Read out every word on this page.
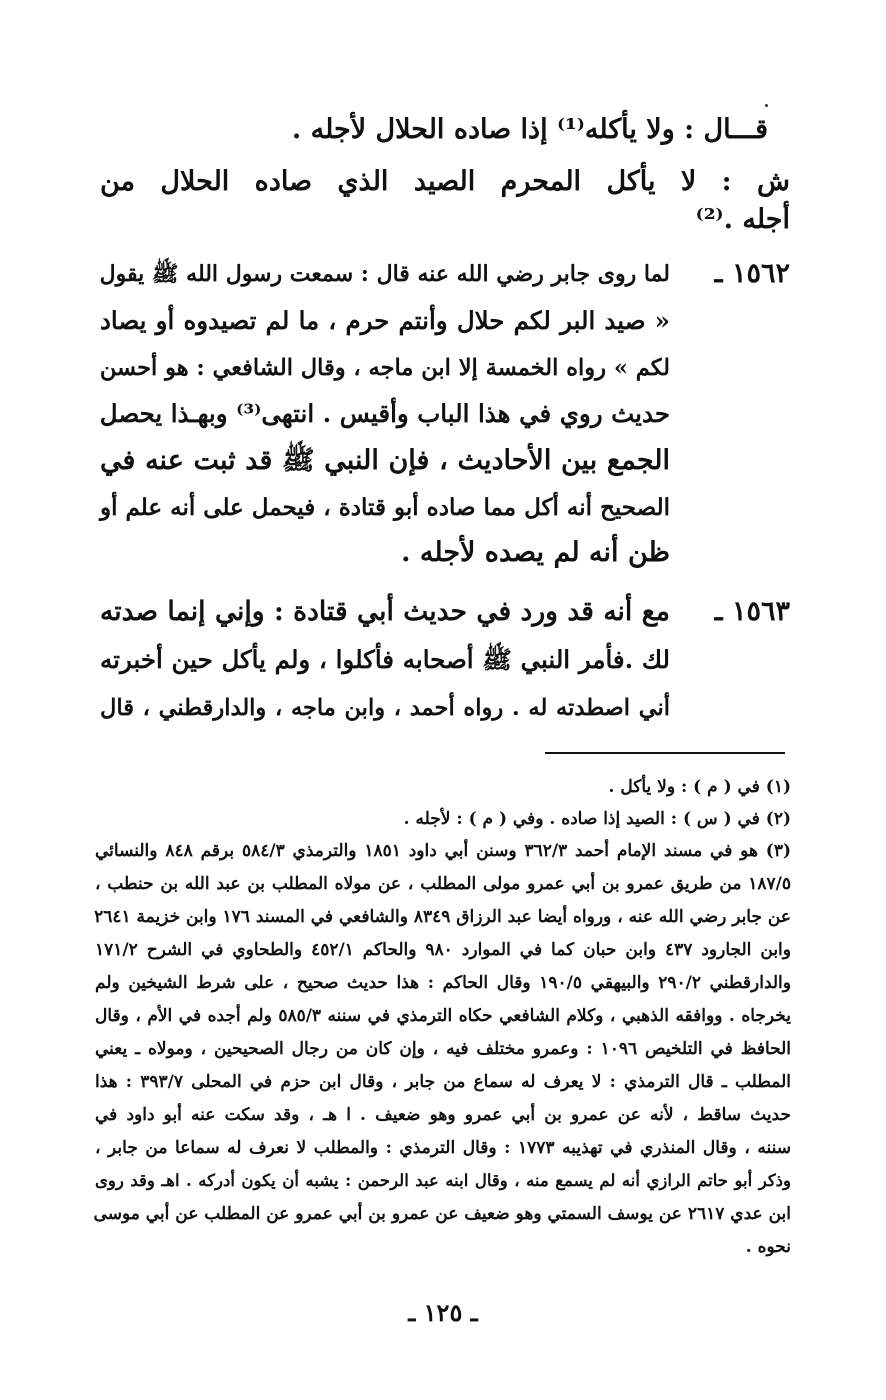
قـــال : ولا يأكله⁽¹⁾ إذا صاده الحلال لأجله .
ش : لا يأكل المحرم الصيد الذي صاده الحلال من
أجله .⁽²⁾
١٥٦٢ ـ
لما روى جابر رضي الله عنه قال : سمعت رسول الله ﷺ يقول
« صيد البر لكم حلال وأنتم حرم ، ما لم تصيدوه أو يصاد
لكم » رواه الخمسة إلا ابن ماجه ، وقال الشافعي : هو أحسن
حديث روي في هذا الباب وأقيس . انتهى⁽³⁾ وبهـذا يحصل
الجمع بين الأحاديث ، فإن النبي ﷺ قد ثبت عنه في
الصحيح أنه أكل مما صاده أبو قتادة ، فيحمل على أنه علم أو
ظن أنه لم يصده لأجله .
١٥٦٣ ـ
مع أنه قد ورد في حديث أبي قتادة : وإني إنما صدته
لك .فأمر النبي ﷺ أصحابه فأكلوا ، ولم يأكل حين أخبرته
أني اصطدته له . رواه أحمد ، وابن ماجه ، والدارقطني ، قال
(١) في ( م ) : ولا يأكل .
(٢) في ( س ) : الصيد إذا صاده . وفي ( م ) : لأجله .
(٣) هو في مسند الإمام أحمد ٣٦٢/٣ وسنن أبي داود ١٨٥١ والترمذي ٥٨٤/٣ برقم ٨٤٨ والنسائي
١٨٧/٥ من طريق عمرو بن أبي عمرو مولى المطلب ، عن مولاه المطلب بن عبد الله بن حنطب ،
عن جابر رضي الله عنه ، ورواه أيضا عبد الرزاق ٨٣٤٩ والشافعي في المسند ١٧٦ وابن خزيمة ٢٦٤١
وابن الجارود ٤٣٧ وابن حبان كما في الموارد ٩٨٠ والحاكم ٤٥٢/١ والطحاوي في الشرح ١٧١/٢
والدارقطني ٢٩٠/٢ والبيهقي ١٩٠/٥ وقال الحاكم : هذا حديث صحيح ، على شرط الشيخين ولم
يخرجاه . ووافقه الذهبي ، وكلام الشافعي حكاه الترمذي في سننه ٥٨٥/٣ ولم أجده في الأم ، وقال
الحافظ في التلخيص ١٠٩٦ : وعمرو مختلف فيه ، وإن كان من رجال الصحيحين ، ومولاه ـ يعني
المطلب ـ قال الترمذي : لا يعرف له سماع من جابر ، وقال ابن حزم في المحلى ٣٩٣/٧ : هذا
حديث ساقط ، لأنه عن عمرو بن أبي عمرو وهو ضعيف . ا هـ ، وقد سكت عنه أبو داود في
سننه ، وقال المنذري في تهذيبه ١٧٧٣ : وقال الترمذي : والمطلب لا نعرف له سماعا من جابر ،
وذكر أبو حاتم الرازي أنه لم يسمع منه ، وقال ابنه عبد الرحمن : يشبه أن يكون أدركه . اهـ وقد روى
ابن عدي ٢٦١٧ عن يوسف السمتي وهو ضعيف عن عمرو بن أبي عمرو عن المطلب عن أبي موسى
نحوه .
ـ ١٢٥ ـ
